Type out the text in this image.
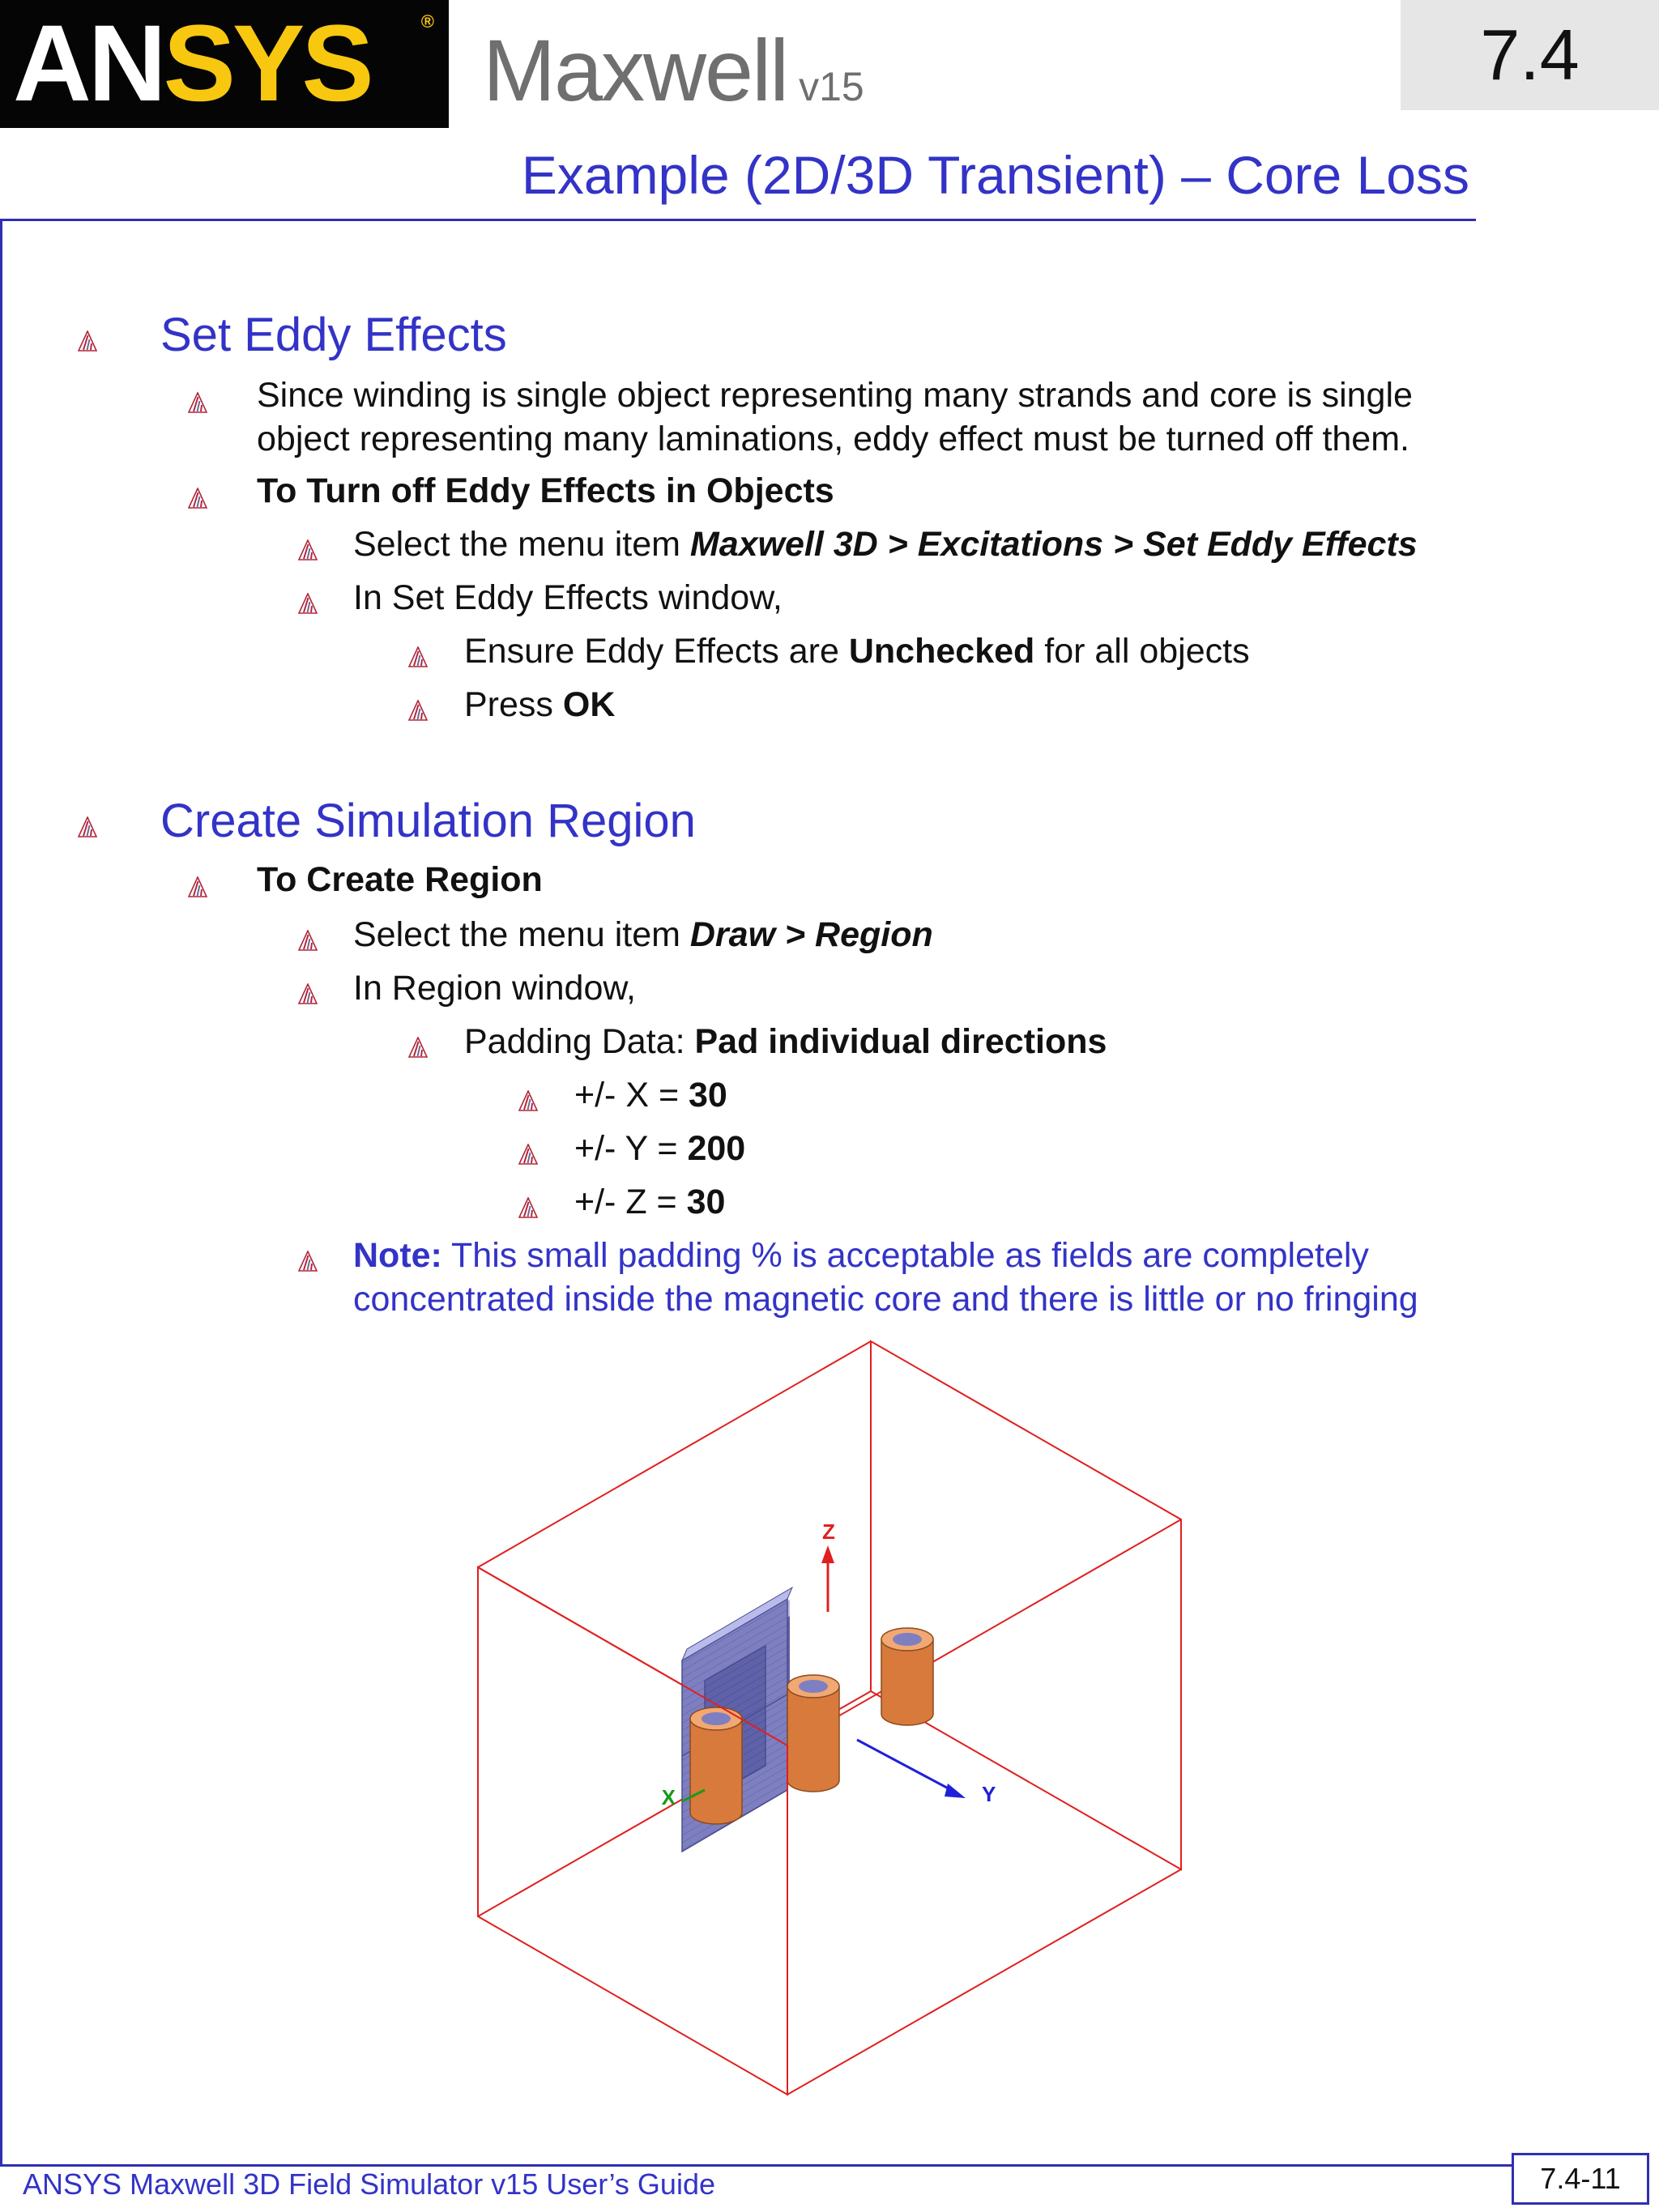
AN SYS	® Maxwell v15	7.4
Example (2D/3D Transient) – Core Loss
Set Eddy Effects
Since winding is single object representing many strands and core is single
object representing many laminations, eddy effect must be turned off them.
To Turn off Eddy Effects in Objects
Select the menu item Maxwell 3D > Excitations > Set Eddy Effects
In Set Eddy Effects window,
Ensure Eddy Effects are Unchecked for all objects
Press OK
Create Simulation Region
To Create Region
Select the menu item Draw > Region
In Region window,
Padding Data: Pad individual directions
+/- X = 30
+/- Y = 200
+/- Z = 30
Note: This small padding % is acceptable as fields are completely
concentrated inside the magnetic core and there is little or no fringing
Z
Y
X
ANSYS Maxwell 3D Field Simulator v15 User’s Guide	7.4-11
